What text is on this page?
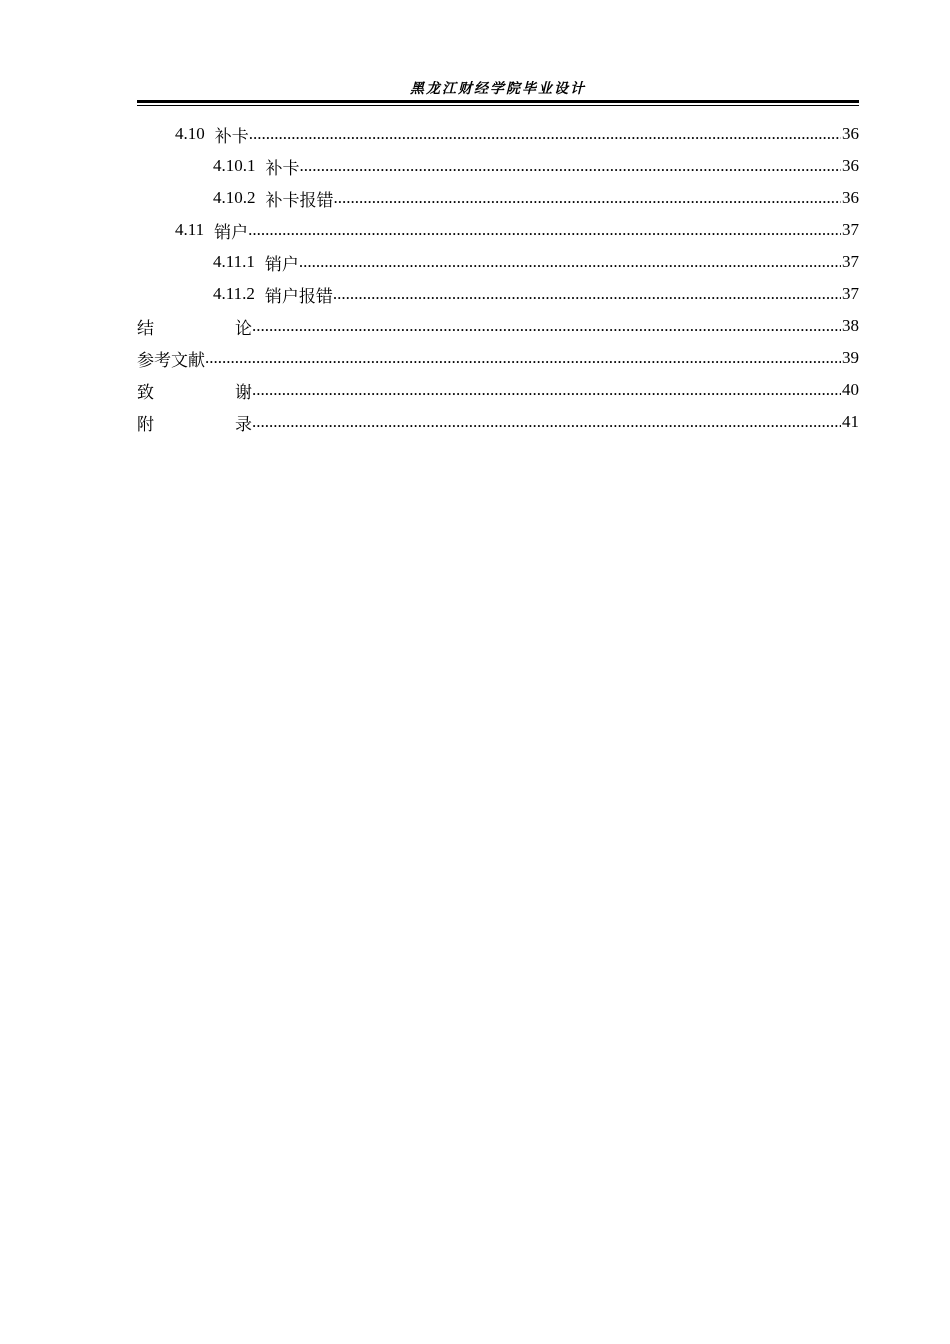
黑龙江财经学院毕业设计
4.10 补卡 .....	36
4.10.1 补卡 .....	36
4.10.2 补卡报错 .....	36
4.11 销户 .....	37
4.11.1 销户 .....	37
4.11.2 销户报错 .....	37
结	论 .....	38
参考文献 .....	39
致	谢 .....	40
附	录 .....	41
